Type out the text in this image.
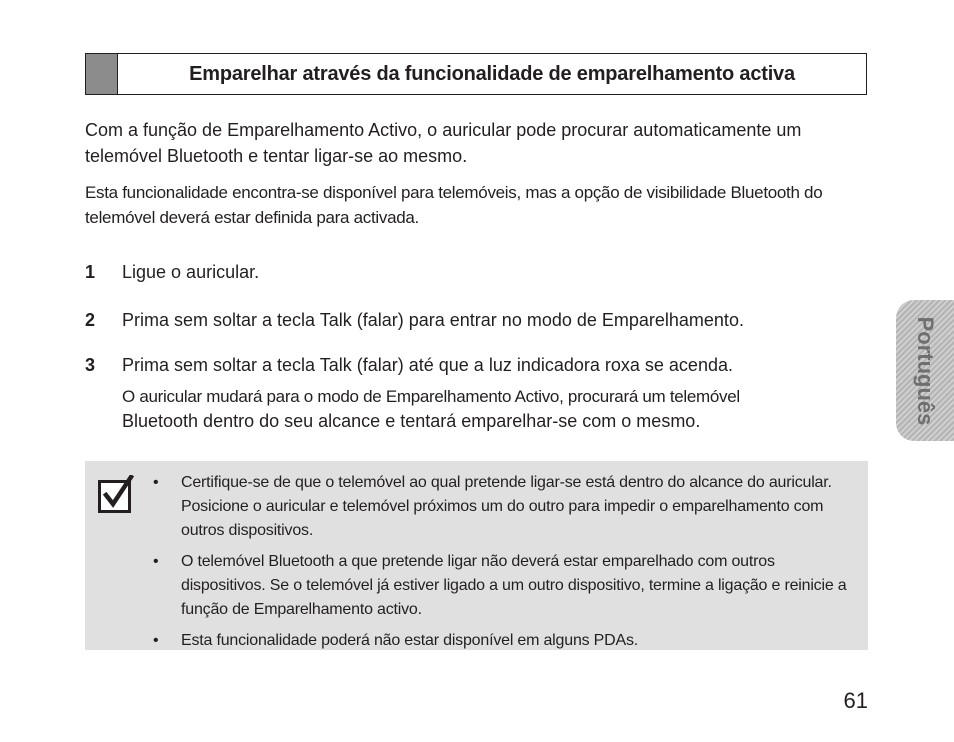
Emparelhar através da funcionalidade de emparelhamento activa

Com a função de Emparelhamento Activo, o auricular pode procurar automaticamente um telemóvel Bluetooth e tentar ligar-se ao mesmo.

Esta funcionalidade encontra-se disponível para telemóveis, mas a opção de visibilidade Bluetooth do telemóvel deverá estar definida para activada.

1 Ligue o auricular.
2 Prima sem soltar a tecla Talk (falar) para entrar no modo de Emparelhamento.
3 Prima sem soltar a tecla Talk (falar) até que a luz indicadora roxa se acenda.

O auricular mudará para o modo de Emparelhamento Activo, procurará um telemóvel
Bluetooth dentro do seu alcance e tentará emparelhar-se com o mesmo.

• Certifique-se de que o telemóvel ao qual pretende ligar-se está dentro do alcance do auricular. Posicione o auricular e telemóvel próximos um do outro para impedir o emparelhamento com outros dispositivos.
• O telemóvel Bluetooth a que pretende ligar não deverá estar emparelhado com outros dispositivos. Se o telemóvel já estiver ligado a um outro dispositivo, termine a ligação e reinicie a função de Emparelhamento activo.
• Esta funcionalidade poderá não estar disponível em alguns PDAs.
Português
61
